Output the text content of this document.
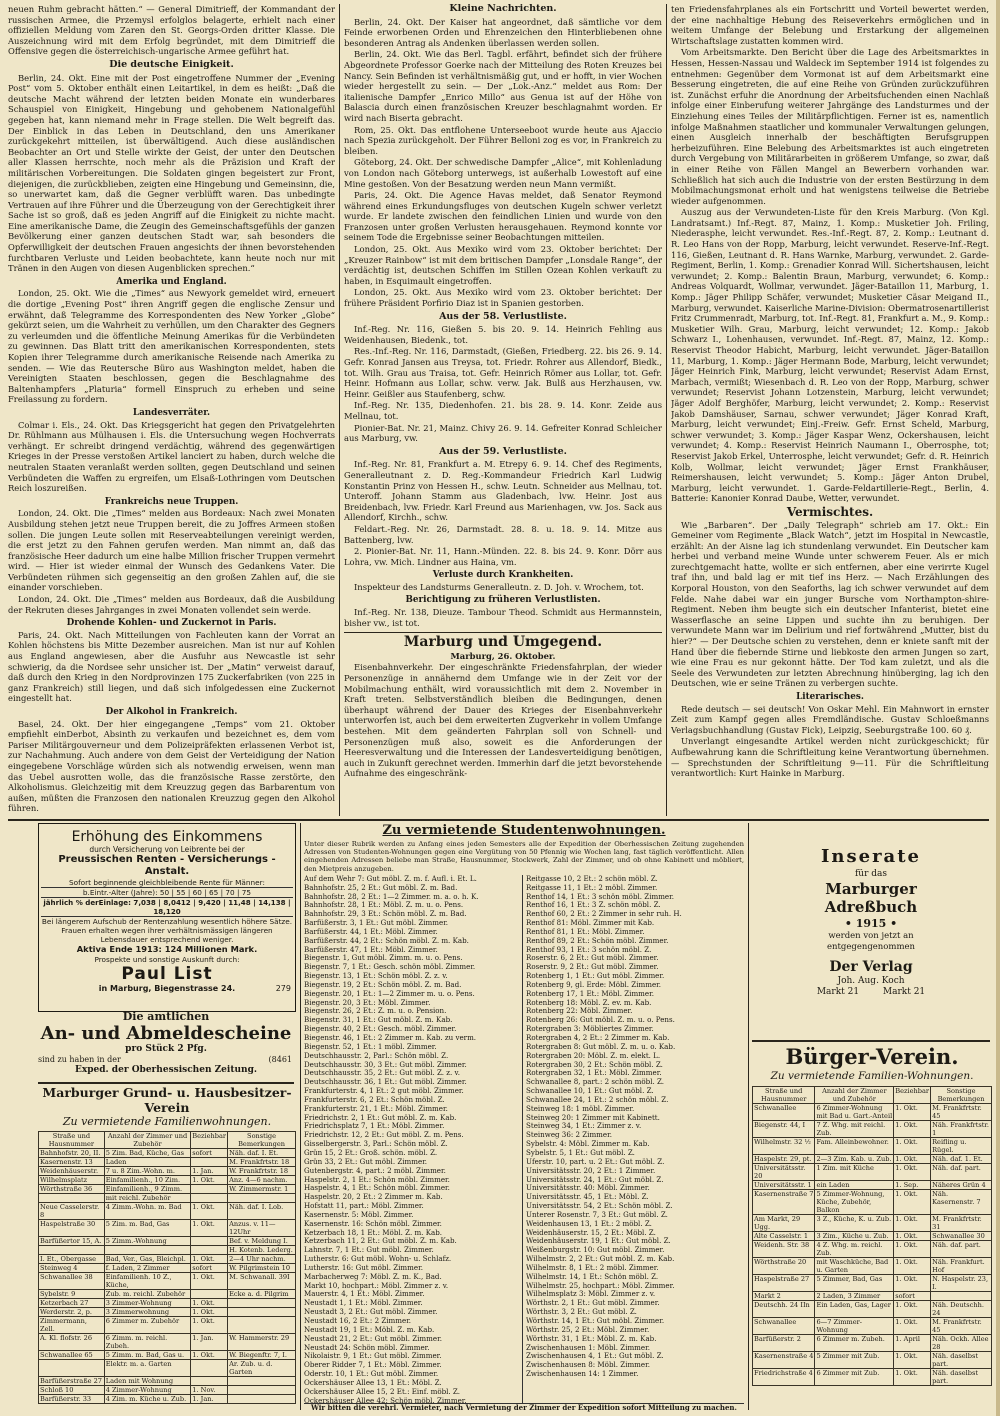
neuen Ruhm gebracht hätten.“ — General Dimitrieff, der Kommandant der russischen Armee, die Przemysl erfolglos belagerte, erhielt nach einer offiziellen Meldung vom Zaren den St. Georgs-Orden dritter Klasse. Die Auszeichnung wird mit dem Erfolg begründet, mit dem Dimitrieff die Offensive gegen die österreichisch-ungarische Armee geführt hat.

Die deutsche Einigkeit.

Berlin, 24. Okt. Eine mit der Post eingetroffene Nummer der „Evening Post“ vom 5. Oktober enthält einen Leitartikel, in dem es heißt: „Daß die deutsche Macht während der letzten beiden Monate ein wunderbares Schauspiel von Einigkeit, Hingebung und gehobenem Nationalgefühl gegeben hat, kann niemand mehr in Frage stellen. Die Welt begreift das. Der Einblick in das Leben in Deutschland, den uns Amerikaner zurückgekehrt mitteilen, ist überwältigend. Auch diese ausländischen Beobachter an Ort und Stelle wirkte der Geist, der unter den Deutschen aller Klassen herrschte, noch mehr als die Präzision und Kraft der militärischen Vorbereitungen. Die Soldaten gingen begeistert zur Front, diejenigen, die zurückblieben, zeigten eine Hingebung und Gemeinsinn, die, so unerwartet kam, daß die Gegner verblüfft waren. Das unbedingte Vertrauen auf ihre Führer und die Überzeugung von der Gerechtigkeit ihrer Sache ist so groß, daß es jeden Angriff auf die Einigkeit zu nichte macht. Eine amerikanische Dame, die Zeugin des Gemeinschaftsgefühls der ganzen Bevölkerung einer ganzen deutschen Stadt war, sah besonders die Opferwilligkeit der deutschen Frauen angesichts der ihnen bevorstehenden furchtbaren Verluste und Leiden beobachtete, kann heute noch nur mit Tränen in den Augen von diesen Augenblicken sprechen.“

Amerika und England.

London, 25. Okt. Wie die „Times“ aus Newyork gemeldet wird, erneuert die dortige „Evening Post“ ihren Angriff gegen die englische Zensur und erwähnt, daß Telegramme des Korrespondenten des New Yorker „Globe“ gekürzt seien, um die Wahrheit zu verhüllen, um den Charakter des Gegners zu verleumden und die öffentliche Meinung Amerikas für die Verbündeten zu gewinnen. Das Blatt tritt den amerikanischen Korrespondenten, stets Kopien ihrer Telegramme durch amerikanische Reisende nach Amerika zu senden. — Wie das Reutersche Büro aus Washington meldet, haben die Vereinigten Staaten beschlossen, gegen die Beschlagnahme des Baltenhampfers „Platuria“ formell Einspruch zu erheben und seine Freilassung zu fordern.

Landesverräter.

Colmar i. Els., 24. Okt. Das Kriegsgericht hat gegen den Privatgelehrten Dr. Rühlmann aus Mülhausen i. Els. die Untersuchung wegen Hochverrats verhängt. Er schreibt dringend verdächtig, während des gegenwärtigen Krieges in der Presse verstoßen Artikel lanciert zu haben, durch welche die neutralen Staaten veranlaßt werden sollten, gegen Deutschland und seinen Verbündeten die Waffen zu ergreifen, um Elsaß-Lothringen vom Deutschen Reich loszureißen.

Frankreichs neue Truppen.

London, 24. Okt. Die „Times“ melden aus Bordeaux: Nach zwei Monaten Ausbildung stehen jetzt neue Truppen bereit, die zu Joffres Armeen stoßen sollen. Die jungen Leute sollen mit Reserveabteilungen vereinigt werden, die erst jetzt zu den Fahnen gerufen werden. Man nimmt an, daß das französische Heer dadurch um eine halbe Million frischer Truppen vermehrt wird. — Hier ist wieder einmal der Wunsch des Gedankens Vater. Die Verbündeten rühmen sich gegenseitig an den großen Zahlen auf, die sie einander vorschieben.

London, 24. Okt. Die „Times“ melden aus Bordeaux, daß die Ausbildung der Rekruten dieses Jahrganges in zwei Monaten vollendet sein werde.

Drohende Kohlen- und Zuckernot in Paris.

Paris, 24. Okt. Nach Mitteilungen von Fachleuten kann der Vorrat an Kohlen höchstens bis Mitte Dezember ausreichen. Man ist nur auf Kohlen aus England angewiesen, aber die Ausfuhr aus Newcastle ist sehr schwierig, da die Nordsee sehr unsicher ist. Der „Matin“ verweist darauf, daß durch den Krieg in den Nordprovinzen 175 Zuckerfabriken (von 225 in ganz Frankreich) still liegen, und daß sich infolgedessen eine Zuckernot eingestellt hat.

Der Alkohol in Frankreich.

Basel, 24. Okt. Der hier eingegangene „Temps“ vom 21. Oktober empfiehlt einDerbot, Absinth zu verkaufen und bezeichnet es, dem vom Pariser Militärgouverneur und dem Polizeipräfekten erlassenen Verbot ist, zur Nachahmung. Auch andere von dem Geist der Verteidigung der Nation eingegebene Vorschläge würden sich als notwendig erweisen, wenn man das Uebel ausrotten wolle, das die französische Rasse zerstörte, den Alkoholismus. Gleichzeitig mit dem Kreuzzug gegen das Barbarentum von außen, müßten die Franzosen den nationalen Kreuzzug gegen den Alkohol führen.

Kleine Nachrichten.

Berlin, 24. Okt. Der Kaiser hat angeordnet, daß sämtliche vor dem Feinde erworbenen Orden und Ehrenzeichen den Hinterbliebenen ohne besonderen Antrag als Andenken überlassen werden sollen.

Berlin, 24. Okt. Wie das Berl. Tagbl. erfährt, befindet sich der frühere Abgeordnete Professor Goerke nach der Mitteilung des Roten Kreuzes bei Nancy. Sein Befinden ist verhältnismäßig gut, und er hofft, in vier Wochen wieder hergestellt zu sein. — Der „Lok.-Anz.“ meldet aus Rom: Der italienische Dampfer „Enrico Millo“ aus Genua ist auf der Höhe von Balascia durch einen französischen Kreuzer beschlagnahmt worden. Er wird nach Biserta gebracht.

Rom, 25. Okt. Das entflohene Unterseeboot wurde heute aus Ajaccio nach Spezia zurückgeholt. Der Führer Belloni zog es vor, in Frankreich zu bleiben.

Göteborg, 24. Okt. Der schwedische Dampfer „Alice“, mit Kohlenladung von London nach Göteborg unterwegs, ist außerhalb Lowestoft auf eine Mine gestoßen. Von der Besatzung werden neun Mann vermißt.

Paris, 24. Okt. Die Agence Havas meldet, daß Senator Reymond während eines Erkundungsfluges von deutschen Kugeln schwer verletzt wurde. Er landete zwischen den feindlichen Linien und wurde von den Franzosen unter großen Verlusten herausgehauen. Reymond konnte vor seinem Tode die Ergebnisse seiner Beobachtungen mitteilen.

London, 25. Okt. Aus Mexiko wird vom 23. Oktober berichtet: Der „Kreuzer Rainbow“ ist mit dem britischen Dampfer „Lonsdale Range“, der verdächtig ist, deutschen Schiffen im Stillen Ozean Kohlen verkauft zu haben, in Esquimault eingetroffen.

London, 25. Okt. Aus Mexiko wird vom 23. Oktober berichtet: Der frühere Präsident Porfirio Diaz ist in Spanien gestorben.

Aus der 58. Verlustliste.

Inf.-Reg. Nr. 116, Gießen 5. bis 20. 9. 14. Heinrich Fehling aus Weidenhausen, Biedenk., tot.

Res.-Inf.-Reg. Nr. 116, Darmstadt, (Gießen, Friedberg. 22. bis 26. 9. 14. Gefr. Konrad Jansen aus Treysa, tot. Friedr. Rohrer aus Allendorf, Biedk., tot. Wilh. Grau aus Traisa, tot. Gefr. Heinrich Römer aus Lollar, tot. Gefr. Heinr. Hofmann aus Lollar, schw. verw. Jak. Bulß aus Herzhausen, vw. Heinr. Geißler aus Staufenberg, schw.

Inf.-Reg. Nr. 135, Diedenhofen. 21. bis 28. 9. 14. Konr. Zeide aus Mellnau, tot.

Pionier-Bat. Nr. 21, Mainz. Chivy 26. 9. 14. Gefreiter Konrad Schleicher aus Marburg, vw.

Aus der 59. Verlustliste.

Inf.-Reg. Nr. 81, Frankfurt a. M. Etrepy 6. 9. 14. Chef des Regiments, Generalleutnant z. D. Reg.-Kommandeur Friedrich Karl Ludwig Konstantin Prinz von Hessen H., schw. Leutn. Schneider aus Mellnau, tot. Unteroff. Johann Stamm aus Gladenbach, lvw. Heinr. Jost aus Breidenbach, lvw. Friedr. Karl Freund aus Marienhagen, vw. Jos. Sack aus Allendorf, Kirchh., schw.

Feldart.-Reg. Nr. 26, Darmstadt. 28. 8. u. 18. 9. 14. Mitze aus Battenberg, lvw.

2. Pionier-Bat. Nr. 11, Hann.-Münden. 22. 8. bis 24. 9. Konr. Dörr aus Lohra, vw. Mich. Lindner aus Haina, vm.

Verluste durch Krankheiten.

Inspekteur des Landsturms Generalleutn. z. D. Joh. v. Wrochem, tot.

Berichtigung zu früheren Verlustlisten.

Inf.-Reg. Nr. 138, Dieuze. Tambour Theod. Schmidt aus Hermannstein, bisher vw., ist tot.

Marburg und Umgegend.
Marburg, 26. Oktober.

Eisenbahnverkehr. Der eingeschränkte Friedensfahrplan, der wieder Personenzüge in annähernd dem Umfange wie in der Zeit vor der Mobilmachung enthält, wird voraussichtlich mit dem 2. November in Kraft treten. Selbstverständlich bleiben die Bedingungen, denen überhaupt während der Dauer des Krieges der Eisenbahnverkehr unterworfen ist, auch bei dem erweiterten Zugverkehr in vollem Umfange bestehen. Mit dem geänderten Fahrplan soll von Schnell- und Personenzügen muß also, soweit es die Anforderungen der Heeresverwaltung und die Interessen der Landesverteidigung benötigen, auch in Zukunft gerechnet werden. Immerhin darf die jetzt bevorstehende Aufnahme des eingeschränk-

ten Friedensfahrplanes als ein Fortschritt und Vorteil bewertet werden, der eine nachhaltige Hebung des Reiseverkehrs ermöglichen und in weitem Umfange der Belebung und Erstarkung der allgemeinen Wirtschaftslage zustatten kommen wird.

Vom Arbeitsmarkte. Den Bericht über die Lage des Arbeitsmarktes in Hessen, Hessen-Nassau und Waldeck im September 1914 ist folgendes zu entnehmen: Gegenüber dem Vormonat ist auf dem Arbeitsmarkt eine Besserung eingetreten, die auf eine Reihe von Gründen zurückzuführen ist. Zunächst erfuhr die Anordnung der Arbeitsfuchenden einen Nachlaß infolge einer Einberufung weiterer Jahrgänge des Landsturmes und der Einziehung eines Teiles der Militärpflichtigen. Ferner ist es, namentlich infolge Maßnahmen staatlicher und kommunaler Verwaltungen gelungen, einen Ausgleich innerhalb der beschäftigten Berufsgruppen herbeizuführen. Eine Belebung des Arbeitsmarktes ist auch eingetreten durch Vergebung von Militärarbeiten in größerem Umfange, so zwar, daß in einer Reihe von Fällen Mangel an Bewerbern vorhanden war. Schließlich hat sich auch die Industrie von der ersten Bestürzung in dem Mobilmachungsmonat erholt und hat wenigstens teilweise die Betriebe wieder aufgenommen.

Auszug aus der Verwundeten-Liste für den Kreis Marburg. (Von Kgl. Landratsamt.) Inf.-Regt. 87, Mainz, 1. Komp.: Musketier Joh. Friling, Niederasphe, leicht verwundet. Res.-Inf.-Regt. 87, 2. Komp.: Leutnant d. R. Leo Hans von der Ropp, Marburg, leicht verwundet. Reserve-Inf.-Regt. 116, Gießen, Leutnant d. R. Hans Warnke, Marburg, verwundet. 2. Garde-Regiment, Berlin, 1. Komp.: Grenadier Konrad Will. Sichertshausen, leicht verwundet; 2. Komp.: Balentin Braun, Marburg, verwundet; 6. Komp.: Andreas Volquardt, Wollmar, verwundet. Jäger-Bataillon 11, Marburg, 1. Komp.: Jäger Philipp Schäfer, verwundet; Musketier Cäsar Meigand II., Marburg, verwundet. Kaiserliche Marine-Division: Obermatrosenartillerist Fritz Crummenradt, Marburg, tot. Inf.-Regt. 81, Frankfurt a. M., 9. Komp.: Musketier Wilh. Grau, Marburg, leicht verwundet; 12. Komp.: Jakob Schwarz I., Lohenhausen, verwundet. Inf.-Regt. 87, Mainz, 12. Komp.: Reservist Theodor Habicht, Marburg, leicht verwundet. Jäger-Bataillon 11, Marburg, 1. Komp.: Jäger Hermann Bode, Marburg, leicht verwundet; Jäger Heinrich Fink, Marburg, leicht verwundet; Reservist Adam Ernst, Marbach, vermißt; Wiesenbach d. R. Leo von der Ropp, Marburg, schwer verwundet; Reservist Johann Lotzenstein, Marburg, leicht verwundet; Jäger Adolf Berghöfer, Marburg, leicht verwundet; 2. Komp.: Reservist Jakob Damshäuser, Sarnau, schwer verwundet; Jäger Konrad Kraft, Marburg, leicht verwundet; Einj.-Freiw. Gefr. Ernst Scheld, Marburg, schwer verwundet; 3. Komp.: Jäger Kaspar Wenz, Ockershausen, leicht verwundet; 4. Komp.: Reservist Heinrich Naumann I., Oberrosphe, tot; Reservist Jakob Erkel, Unterrosphe, leicht verwundet; Gefr. d. R. Heinrich Kolb, Wollmar, leicht verwundet; Jäger Ernst Frankhäuser, Reimershausen, leicht verwundet; 5. Komp.: Jäger Anton Drubel, Marburg, leicht verwundet. 1. Garde-Feldartillerie-Regt., Berlin, 4. Batterie: Kanonier Konrad Daube, Wetter, verwundet.

Vermischtes.

Wie „Barbaren“. Der „Daily Telegraph“ schrieb am 17. Okt.: Ein Gemeiner vom Regimente „Black Watch“, jetzt im Hospital in Newcastle, erzählt: An der Aisne lag ich stundenlang verwundet. Ein Deutscher kam herbei und verband meine Wunde unter schwerem Feuer. Als er mich zurechtgemacht hatte, wollte er sich entfernen, aber eine verirrte Kugel traf ihn, und bald lag er mit tief ins Herz. — Nach Erzählungen des Korporal Houston, von den Seaforths, lag ich schwer verwundet auf dem Felde. Nahe dabei war ein junger Bursche vom Northampton-shire-Regiment. Neben ihm beugte sich ein deutscher Infanterist, bietet eine Wasserflasche an seine Lippen und suchte ihn zu beruhigen. Der verwundete Mann war im Delirium und rief fortwährend „Mutter, bist du hier?“ — Der Deutsche schien zu verstehen, denn er kniete sanft mit der Hand über die fiebernde Stirne und liebkoste den armen Jungen so zart, wie eine Frau es nur gekonnt hätte. Der Tod kam zuletzt, und als die Seele des Verwundeten zur letzten Abrechnung hinüberging, lag ich den Deutschen, wie er seine Tränen zu verbergen suchte.

Literarisches.

Rede deutsch — sei deutsch! Von Oskar Mehl. Ein Mahnwort in ernster Zeit zum Kampf gegen alles Fremdländische. Gustav Schloeßmanns Verlagsbuchhandlung (Gustav Fick), Leipzig, Seeburgstraße 100. 60 ₰.

Unverlangt eingesandte Artikel werden nicht zurückgeschickt; für Aufbewahrung kann die Schriftleitung keine Verantwortung übernehmen. — Sprechstunden der Schriftleitung 9—11. Für die Schriftleitung verantwortlich: Kurt Hainke in Marburg.

Erhöhung des Einkommens
durch Versicherung von Leibrente bei der
Preussischen Renten - Versicherungs - Anstalt.
Sofort beginnende gleichbleibende Rente für Männer:
b.Eintr.-Alter (Jahre): 50 | 55 | 60 | 65 | 70 | 75
jährlich % derEinlage: 7,038 | 8,0412 | 9,420 | 11,48 | 14,138 | 18,120
Bei längerem Aufschub der Rentenzahlung wesentlich höhere Sätze.
Frauen erhalten wegen ihrer verhältnismässigen längeren Lebensdauer entsprechend weniger.
Aktiva Ende 1913: 124 Millionen Mark.
Prospekte und sonstige Auskunft durch:
Paul List
in Marburg, Biegenstrasse 24.	279
Die amtlichen
An- und Abmeldescheine
pro Stück 2 Pfg.
sind zu haben in der	(8461
Exped. der Oberhessischen Zeitung.
Marburger Grund- u. Hausbesitzer-Verein
Zu vermietende Familienwohnungen.
Straße und Hausnummer	Anzahl der Zimmer und Zubehör	Beziehbar	Sonstige Bemerkungen
Bahnhofstr. 20, II.	5 Zim. Bad, Küche, Gas	sofort	Näh. daf. I. Et.
Kasernenstr. 13	Laden		M. Frankfrtstr. 18
Weidenhäuserstr.	7 u. 8 Zim.-Wohn. m.	1. Jan.	W. Frankfrtstr. 18
Wilhelmsplatz	Einfamilienh., 10 Zim.	1. Okt.	Anz. 4—6 nachm.
Wörthstraße 36	Einfamilienh., 9 Zimm.		W. Zimmermstr. 1
	mit reichl. Zubehör		
Neue Casselerstr. 8	4 Zimm.-Wohn. m. Bad	1. Okt.	Näh. daf. I. Lob.
Haspelstraße 30	5 Zim. m. Bad, Gas	1. Okt.	Anzus. v. 11—12Uhr
Barfüßertor 15, A.	5 Zimm.-Wohnung		Bef. v. Meldung I.
			H. Kotenb. Lederg.
I. Et., Obergasse	Bad, Ver., Gas, Bleichpl.	1. Okt.	2—4 Uhr nachm.
Steinweg 4	f. Laden, 2 Zimmer	sofort	W. Pilgrimstein 10
Schwanallee 38	Einfamilienh. 10 Z., Küche,	1. Okt.	M. Schwanall. 39I
Sybelstr. 9	Zub. m. reichl. Zubehör		Ecke a. d. Pilgrim
Ketzerbach 27	3 Zimmer-Wohnung	1. Okt.	
Werderstr. 2, p.	3 Zimmerwohnung	1. Okt.	
Zimmermann, Zell.	6 Zimmer m. Zubehör	1. Okt.	
A. Kl. flofstr. 26	6 Zimm. m. reichl. Zubeh.	1. Jan.	W. Hammerstr. 29
Schwanallee 65	5 Zimm. m. Bad, Gas u.	1. Okt.	W. Biegenftr. 7, I.
	Elektr. m. a. Garten		Ar. Zub. u. d. Garten
Barfüßerstraße 27	Laden mit Wohnung		
Schloß 10	4 Zimmer-Wohnung	1. Nov.	
Barfüßerstr. 33	4 Zim. m. Küche u. Zub.	1. Jan.	
Zu vermietende Studentenwohnungen.
Unter dieser Rubrik werden zu Anfang eines jeden Semesters alle der Expedition der Oberhessischen Zeitung zugehenden Adressen von Studenten-Wohnungen gegen eine Vergütung von 50 Pfennig wie Wochen lang, fast täglich veröffentlicht. Allen eingehenden Adressen beliebe man Straße, Hausnummer, Stockwerk, Zahl der Zimmer, und ob ohne Kabinett und möbliert, den Mietpreis anzugeben.
Auf dem Wehr 7: Gut möbl. Z. m. f. Aufl. i. Et. L.
Bahnhofstr. 25, 2 Et.: Gut möbl. Z. m. Bad.
Bahnhofstr. 28, 2 Et.: 1—2 Zimmer. m. a. o. h. K.
Bahnhofstr. 28, 1 Et.: Möbl. Z. m. u. o. Pens.
Bahnhofstr. 29, 3 Et.: Schön möbl. Z. m. Bad.
Barfüßerstr. 3, 1 Et.: Gut möbl. Zimmer.
Barfüßerstr. 44, 1 Et.: Möbl. Zimmer.
Barfüßerstr. 44, 2 Et.: Schön möbl. Z. m. Kab.
Barfüßerstr. 47, 1 Et.: Möbl. Zimmer.
Biegenstr. 1, Gut möbl. Zimm. m. u. o. Pens.
Biegenstr. 7, 1 Et.: Gesch. schön möbl. Zimmer.
Biegenstr. 13, 1 Et.: Schön möbl. Z. z. v.
Biegenstr. 19, 2 Et.: Schön möbl. Z. m. Bad.
Biegenstr. 20, 1 Et.: 1—2 Zimmer m. u. o. Pens.
Biegenstr. 20, 3 Et.: Möbl. Zimmer.
Biegenstr. 26, 2 Et.: Z. m. u. o. Pension.
Biegenstr. 31, 1 Et.: Gut möbl. Z. m. Kab.
Biegenstr. 40, 2 Et.: Gesch. möbl. Zimmer.
Biegenstr. 46, 1 Et.: 2 Zimmer m. Kab. zu verm.
Biegenstr. 52, 1 Et.: 1 möbl. Zimmer.
Deutschhausstr. 2, Parl.: Schön möbl. Z.
Deutschhausstr. 30, 3 Et.: Gut möbl. Zimmer.
Deutschhausstr. 35, 2 Et.: Gut möbl. Z. z. v.
Deutschhausstr. 36, 1 Et.: Gut möbl. Zimmer.
Frankfurterstr. 4, 1 Et.: 2 gut möbl. Zimmer.
Frankfurterstr. 6, 2 Et.: Schön möbl. Z.
Frankfurterstr. 21, 1 Et.: Möbl. Zimmer.
Friedrichstr. 2, 1 Et.: Gut möbl. Z. m. Kab.
Friedrichsplatz 7, 1 Et.: Möbl. Zimmer.
Friedrichstr. 12, 2 Et.: Gut möbl. Z. m. Pens.
Gisselbergerstr. 3, Parl.: Schön möbl. Z.
Grün 15, 2 Et.: Groß. schön. möbl. Z.
Grün 33, 2 Et.: Gut möbl. Zimmer.
Gutenbergstr. 4, part.: 2 möbl. Zimmer.
Haspelstr. 2, 1 Et.: Schön möbl. Zimmer.
Haspelstr. 4, 1 Et.: Schön möbl. Zimmer.
Haspelstr. 20, 2 Et.: 2 Zimmer m. Kab.
Hofstatt 11, part.: Möbl. Zimmer.
Kasernenstr. 5: Möbl. Zimmer.
Kasernenstr. 16: Schön möbl. Zimmer.
Ketzerbach 18, 1 Et.: Möbl. Z. m. Kab.
Ketzerbach 11, 2 Et.: Gut möbl. Z. m. Kab.
Lahnstr. 7, 1 Et.: Gut möbl. Zimmer.
Lutherstr. 6: Gut möbl. Wohn- u. Schlafz.
Lutherstr. 16: Gut möbl. Zimmer.
Marbacherweg 7: Möbl. Z. m. K., Bad.
Markt 10, hochpart.: Möbl. Zimmer z. v.
Mauerstr. 4, 1 Et.: Möbl. Zimmer.
Neustadt 1, 1 Et.: Möbl. Zimmer.
Neustadt 3, 2 Et.: Gut möbl. Zimmer.
Neustadt 16, 2 Et.: 2 Zimmer.
Neustadt 19, 1 Et.: Möbl. Z. m. Kab.
Neustadt 21, 2 Et.: Gut möbl. Zimmer.
Neustadt 24: Schön möbl. Zimmer.
Nikolaistr. 9, 1 Et.: Gut möbl. Zimmer.
Oberer Ridder 7, 1 Et.: Möbl. Zimmer.
Oderstr. 10, 1 Et.: Gut möbl. Zimmer.
Ockershäuser Allee 13, 1 Et.: Möbl. Z.
Ockershäuser Allee 15, 2 Et.: Einf. möbl. Z.
Ockershäuser Allee 42: Schön möbl. Zimmer.
Reitgasse 10, 2 Et.: 2 schön möbl. Z.
Reitgasse 11, 1 Et.: 2 möbl. Zimmer.
Renthof 14, 1 Et.: 3 schön möbl. Zimmer.
Renthof 16, 1 Et.: 3 Z. schön möbl. Z.
Renthof 60, 2 Et.: 2 Zimmer in sehr ruh. H.
Renthof 81: Möbl. Zimmer mit Kab.
Renthof 81, 1 Et.: Möbl. Zimmer.
Renthof 89, 2 Et.: Schön möbl. Zimmer.
Renthof 93, 1 Et.: 3 schön möbl. Z.
Roserstr. 6, 2 Et.: Gut möbl. Zimmer.
Roserstr. 9, 2 Et.: Gut möbl. Zimmer.
Rotenberg 1, 1 Et.: Gut möbl. Zimmer.
Rotenberg 9, gl. Erde: Möbl. Zimmer.
Rotenberg 17, 1 Et.: Möbl. Zimmer.
Rotenberg 18: Möbl. Z. ev. m. Kab.
Rotenberg 22: Möbl. Zimmer.
Rotenberg 26: Gut möbl. Z. m. u. o. Pens.
Rotergraben 3: Möbliertes Zimmer.
Rotergraben 4, 2 Et.: 2 Zimmer m. Kab.
Rotergraben 8: Gut möbl. Z. m. u. o. Kab.
Rotergraben 20: Möbl. Z. m. elekt. L.
Rotergraben 30, 2 Et.: Schön möbl. Z.
Rotergraben 32, 1 Et.: Möbl. Zimmer.
Schwanallee 8, part.: 2 schön möbl. Z.
Schwanallee 10, 1 Et.: Gut möbl. Z.
Schwanallee 24, 1 Et.: 2 schön möbl. Z.
Steinweg 18: 1 möbl. Zimmer.
Steinweg 20: 1 Zimmer mit Kabinett.
Steinweg 34, 1 Et.: Zimmer z. v.
Steinweg 36: 2 Zimmer.
Sybelstr. 4: Möbl. Zimmer m. Kab.
Sybelstr. 5, 1 Et.: Gut möbl. Z.
Uferstr. 10, part. u. 2 Et.: Gut möbl. Z.
Universitätsstr. 20, 2 Et.: 1 Zimmer.
Universitätsstr. 24, 1 Et.: Gut möbl. Z.
Universitätsstr. 40: Möbl. Zimmer.
Universitätsstr. 45, 1 Et.: Möbl. Z.
Universitätsstr. 54, 2 Et.: Schön möbl. Z.
Unterer Rosenstr. 7, 3 Et.: Gut möbl. Z.
Weidenhausen 13, 1 Et.: 2 möbl. Z.
Weidenhäuserstr. 15, 2 Et.: Möbl. Z.
Weidenhäuserstr. 19, 1 Et.: Gut möbl. Z.
Weißenburgstr. 10: Gut möbl. Zimmer.
Wilhelmstr. 2, 2 Et.: Gut möbl. Z. m. Kab.
Wilhelmstr. 8, 1 Et.: 2 möbl. Zimmer.
Wilhelmstr. 14, 1 Et.: Schön möbl. Z.
Wilhelmstr. 25, hochpart.: Möbl. Zimmer.
Wilhelmsplatz 3: Möbl. Zimmer z. v.
Wörthstr. 2, 1 Et.: Gut möbl. Zimmer.
Wörthstr. 3, 2 Et.: Gut möbl. Z.
Wörthstr. 14, 1 Et.: Gut möbl. Zimmer.
Wörthstr. 25, 2 Et.: Möbl. Zimmer.
Wörthstr. 31, 1 Et.: Möbl. Z. m. Kab.
Zwischenhausen 1: Möbl. Zimmer.
Zwischenhausen 4, 1 Et.: Gut möbl. Z.
Zwischenhausen 8: Möbl. Zimmer.
Zwischenhausen 14: 1 Zimmer.
Wir bitten die verehrl. Vermieter, nach Vermietung der Zimmer der Expedition sofort Mitteilung zu machen.
Inserate
für das
Marburger
Adreßbuch
• 1915 •
werden von jetzt an
entgegengenommen
Der Verlag
Joh. Aug. Koch
Markt 21	Markt 21
Bürger-Verein.
Zu vermietende Familien-Wohnungen.
Straße und Hausnummer	Anzahl der Zimmer und Zubehör	Beziehbar	Sonstige Bemerkungen
Schwanallee	6 Zimmer-Wohnung mit Bad u. Gart.-Anteil	1. Okt.	M. Frankfrtstr. 45
Biegenstr. 44, I	7 Z. Whg. mit reichl. Zub.	1. Okt.	Näh. Frankfrtstr. 1
Wilhelmstr. 32 ½	Fam. Alleinbewohner.	1. Okt.	Reifling u. Rügel.
Haspelstr. 29, pt.	2—3 Zim. Kab. u. Zub.	1. Okt.	Näh. daf. 1. Et.
Universitätsstr. 20	1 Zim. mit Küche	1. Okt.	Näh. daf. part.
Universitätsstr. 1	ein Laden	1. Sep.	Näheres Grün 4
Kasernenstraße 7	5 Zimmer-Wohnung, Küche, Zubehör, Balkon	1. Okt.	Näh. Kasernenstr. 7
Am Markt, 29 Ugg.	3 Z., Küche, K. u. Zub.	1. Okt.	M. Frankfrtstr. 31
Alte Casselstr. 1	3 Zim., Küche u. Zub.	1. Okt.	Schwanallee 30
Weidenh. Str. 38	4 Z. Whg. m. reichl. Zub.	1. Okt.	Näh. daf. part.
Wörthstraße 20	mit Waschküche, Bad u. Garten	1. Okt.	Näh. Frankfurt. Hof
Haspelstraße 27	5 Zimmer, Bad, Gas	1. Okt.	N. Haspelstr. 23, I.
Markt 2	2 Laden, 3 Zimmer	sofort	
Deutschh. 24 IIn	Ein Laden, Gas, Lager	1. Okt.	Näh. Deutschh. 24
Schwanallee	6—7 Zimmer-Wohnung	1. Okt.	M. Frankfrtstr. 45
Barfüßerstr. 2	6 Zimmer m. Zubeh.	1. April	Näh. Ockh. Allee 28
Kasernenstraße 4	5 Zimmer mit Zub.	1. Okt.	Näh. daselbst part.
Friedrichstraße 4	6 Zimmer mit Zub.	1. Okt.	Näh. daselbst part.
